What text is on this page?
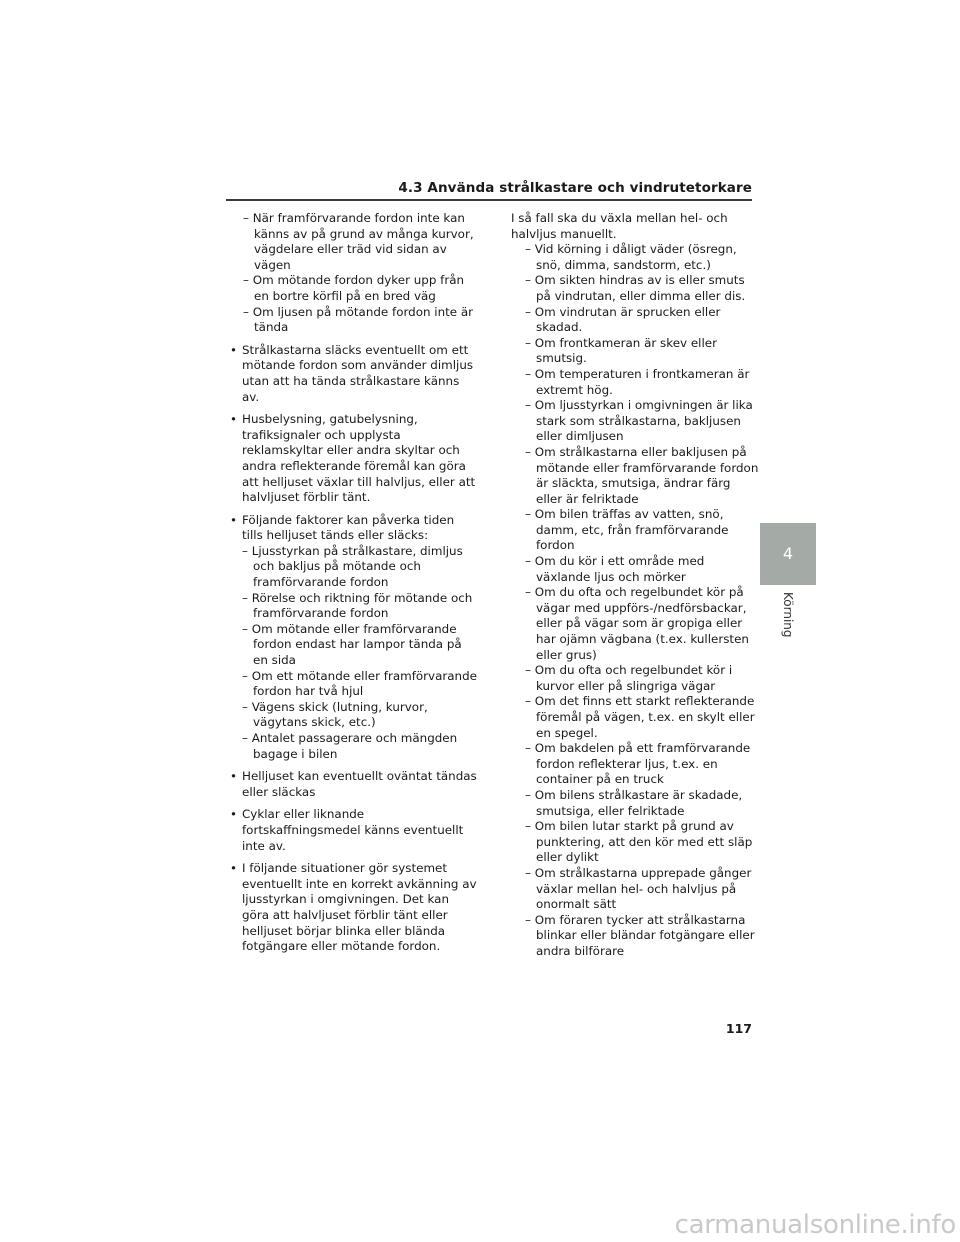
4.3 Använda strålkastare och vindrutetorkare
– När framförvarande fordon inte kan känns av på grund av många kurvor, vägdelare eller träd vid sidan av vägen
– Om mötande fordon dyker upp från en bortre körfil på en bred väg
– Om ljusen på mötande fordon inte är tända
• Strålkastarna släcks eventuellt om ett mötande fordon som använder dimljus utan att ha tända strålkastare känns av.
• Husbelysning, gatubelysning, trafiksignaler och upplysta reklamskyltar eller andra skyltar och andra reflekterande föremål kan göra att helljuset växlar till halvljus, eller att halvljuset förblir tänt.
• Följande faktorer kan påverka tiden tills helljuset tänds eller släcks:
– Ljusstyrkan på strålkastare, dimljus och bakljus på mötande och framförvarande fordon
– Rörelse och riktning för mötande och framförvarande fordon
– Om mötande eller framförvarande fordon endast har lampor tända på en sida
– Om ett mötande eller framförvarande fordon har två hjul
– Vägens skick (lutning, kurvor, vägytans skick, etc.)
– Antalet passagerare och mängden bagage i bilen
• Helljuset kan eventuellt oväntat tändas eller släckas
• Cyklar eller liknande fortskaffningsmedel känns eventuellt inte av.
• I följande situationer gör systemet eventuellt inte en korrekt avkänning av ljusstyrkan i omgivningen. Det kan göra att halvljuset förblir tänt eller helljuset börjar blinka eller blända fotgängare eller mötande fordon.
I så fall ska du växla mellan hel- och halvljus manuellt.
– Vid körning i dåligt väder (ösregn, snö, dimma, sandstorm, etc.)
– Om sikten hindras av is eller smuts på vindrutan, eller dimma eller dis.
– Om vindrutan är sprucken eller skadad.
– Om frontkameran är skev eller smutsig.
– Om temperaturen i frontkameran är extremt hög.
– Om ljusstyrkan i omgivningen är lika stark som strålkastarna, bakljusen eller dimljusen
– Om strålkastarna eller bakljusen på mötande eller framförvarande fordon är släckta, smutsiga, ändrar färg eller är felriktade
– Om bilen träffas av vatten, snö, damm, etc, från framförvarande fordon
– Om du kör i ett område med växlande ljus och mörker
– Om du ofta och regelbundet kör på vägar med uppförs-/nedförsbackar, eller på vägar som är gropiga eller har ojämn vägbana (t.ex. kullersten eller grus)
– Om du ofta och regelbundet kör i kurvor eller på slingriga vägar
– Om det finns ett starkt reflekterande föremål på vägen, t.ex. en skylt eller en spegel.
– Om bakdelen på ett framförvarande fordon reflekterar ljus, t.ex. en container på en truck
– Om bilens strålkastare är skadade, smutsiga, eller felriktade
– Om bilen lutar starkt på grund av punktering, att den kör med ett släp eller dylikt
– Om strålkastarna upprepade gånger växlar mellan hel- och halvljus på onormalt sätt
– Om föraren tycker att strålkastarna blinkar eller bländar fotgängare eller andra bilförare
4
Körning
117
carmanualsonline.info
